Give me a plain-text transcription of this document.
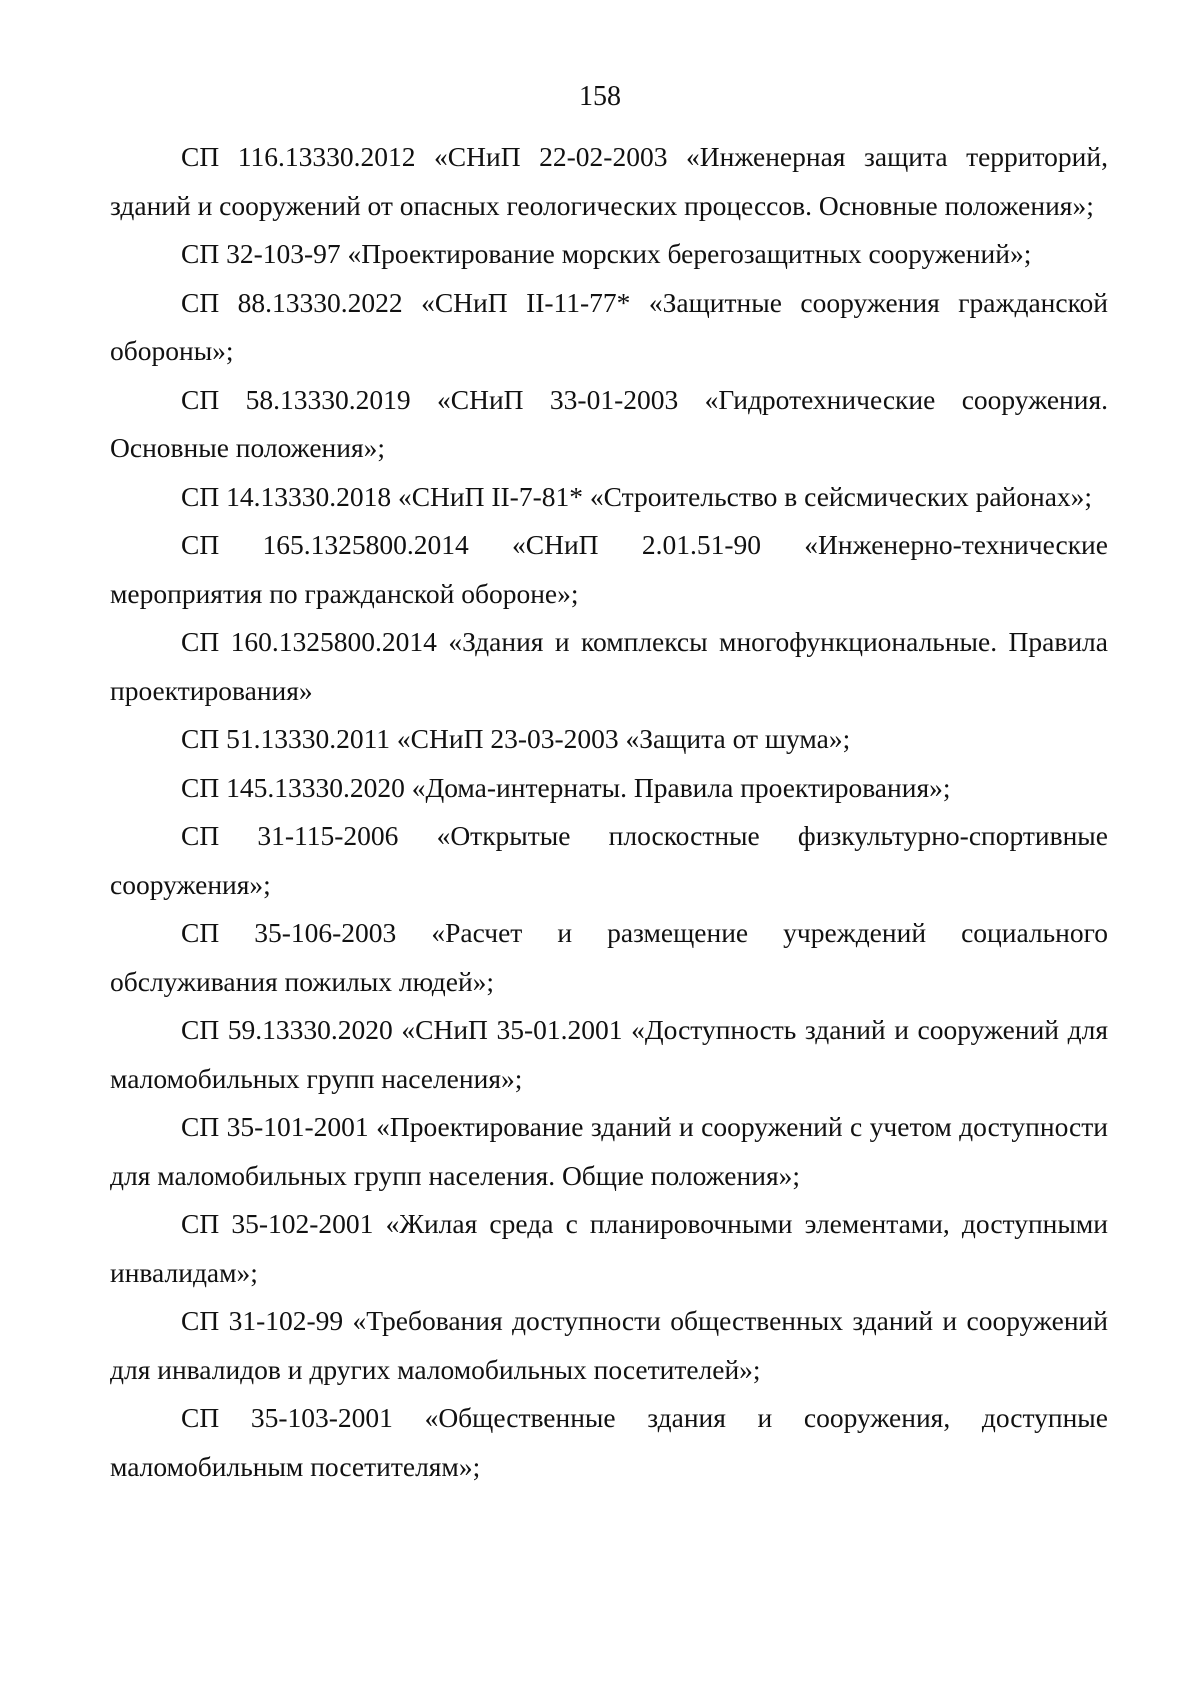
158

СП 116.13330.2012 «СНиП 22-02-2003 «Инженерная защита территорий, зданий и сооружений от опасных геологических процессов. Основные положения»;

СП 32-103-97 «Проектирование морских берегозащитных сооружений»;

СП 88.13330.2022 «СНиП II-11-77* «Защитные сооружения гражданской обороны»;

СП 58.13330.2019 «СНиП 33-01-2003 «Гидротехнические сооружения. Основные положения»;

СП 14.13330.2018 «СНиП II-7-81* «Строительство в сейсмических районах»;

СП 165.1325800.2014 «СНиП 2.01.51-90 «Инженерно-технические мероприятия по гражданской обороне»;

СП 160.1325800.2014 «Здания и комплексы многофункциональные. Правила проектирования»

СП 51.13330.2011 «СНиП 23-03-2003 «Защита от шума»;

СП 145.13330.2020 «Дома-интернаты. Правила проектирования»;

СП 31-115-2006 «Открытые плоскостные физкультурно-спортивные сооружения»;

СП 35-106-2003 «Расчет и размещение учреждений социального обслуживания пожилых людей»;

СП 59.13330.2020 «СНиП 35-01.2001 «Доступность зданий и сооружений для маломобильных групп населения»;

СП 35-101-2001 «Проектирование зданий и сооружений с учетом доступности для маломобильных групп населения. Общие положения»;

СП 35-102-2001 «Жилая среда с планировочными элементами, доступными инвалидам»;

СП 31-102-99 «Требования доступности общественных зданий и сооружений для инвалидов и других маломобильных посетителей»;

СП 35-103-2001 «Общественные здания и сооружения, доступные маломобильным посетителям»;
